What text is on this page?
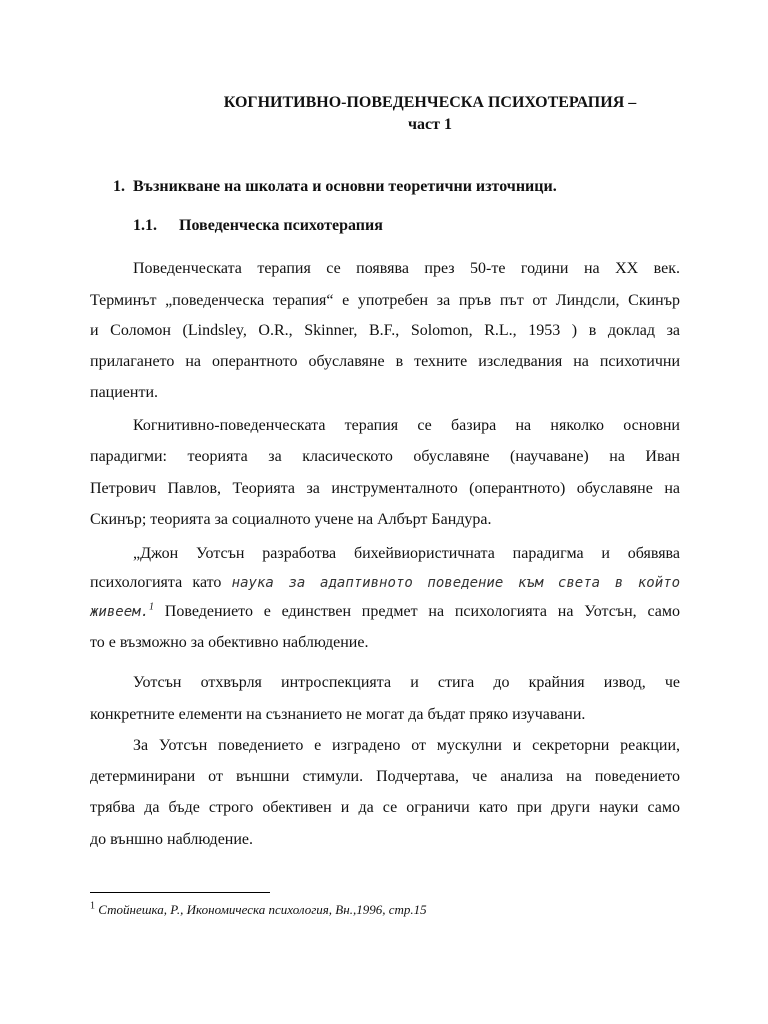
КОГНИТИВНО-ПОВЕДЕНЧЕСКА ПСИХОТЕРАПИЯ –
част 1
1. Възникване на школата и основни теоретични източници.
1.1. Поведенческа психотерапия
Поведенческата терапия се появява през 50-те години на ХХ век.
Терминът „поведенческа терапия“ е употребен за пръв път от Линдсли, Скинър
и Соломон (Lindsley, O.R., Skinner, B.F., Solomon, R.L., 1953 ) в доклад за
прилагането на оперантното обуславяне в техните изследвания на психотични
пациенти.
Когнитивно-поведенческата терапия се базира на няколко основни
парадигми: теорията за класическото обуславяне (научаване) на Иван
Петрович Павлов, Теорията за инструменталното (оперантното) обуславяне на
Скинър; теорията за социалното учене на Албърт Бандура.
„Джон Уотсън разработва бихейвиористичната парадигма и обявява
психологията като наука за адаптивното поведение към света в който
живеем.$^1$ Поведението е единствен предмет на психологията на Уотсън, само
то е възможно за обективно наблюдение.
Уотсън отхвърля интроспекцията и стига до крайния извод, че
конкретните елементи на съзнанието не могат да бъдат пряко изучавани.
За Уотсън поведението е изградено от мускулни и секреторни реакции,
детерминирани от външни стимули. Подчертава, че анализа на поведението
трябва да бъде строго обективен и да се ограничи като при други науки само
до външно наблюдение.
$^1$ Стойнешка, Р., Икономическа психология, Вн.,1996, стр.15
